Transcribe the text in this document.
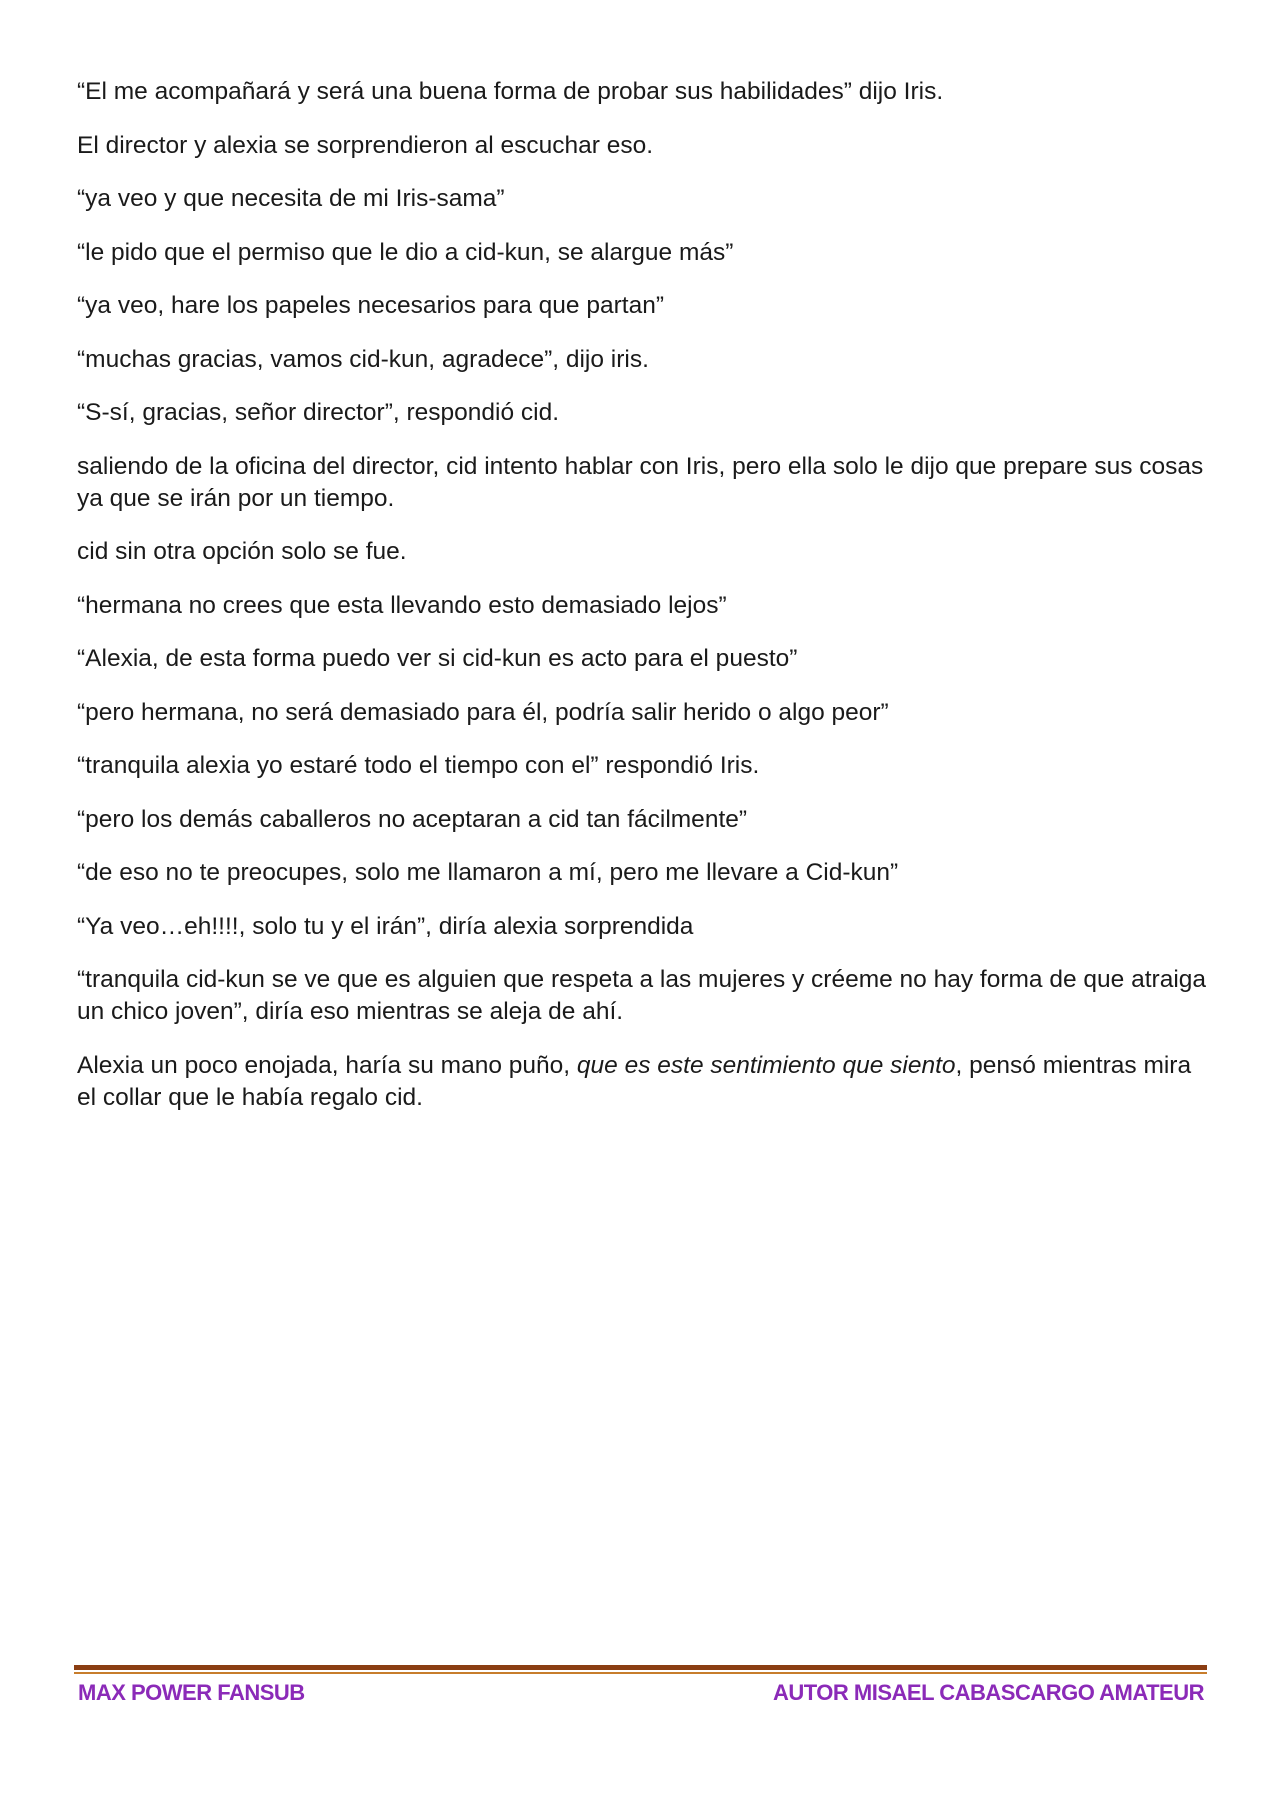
“El me acompañará y será una buena forma de probar sus habilidades” dijo Iris.

El director y alexia se sorprendieron al escuchar eso.

“ya veo y que necesita de mi Iris-sama”

“le pido que el permiso que le dio a cid-kun, se alargue más”

“ya veo, hare los papeles necesarios para que partan”

“muchas gracias, vamos cid-kun, agradece”, dijo iris.

“S-sí, gracias, señor director”, respondió cid.

saliendo de la oficina del director, cid intento hablar con Iris, pero ella solo le dijo que prepare sus cosas ya que se irán por un tiempo.

cid sin otra opción solo se fue.

“hermana no crees que esta llevando esto demasiado lejos”

“Alexia, de esta forma puedo ver si cid-kun es acto para el puesto”

“pero hermana, no será demasiado para él, podría salir herido o algo peor”

“tranquila alexia yo estaré todo el tiempo con el” respondió Iris.

“pero los demás caballeros no aceptaran a cid tan fácilmente”

“de eso no te preocupes, solo me llamaron a mí, pero me llevare a Cid-kun”

“Ya veo…eh!!!!, solo tu y el irán”, diría alexia sorprendida

“tranquila cid-kun se ve que es alguien que respeta a las mujeres y créeme no hay forma de que atraiga un chico joven”, diría eso mientras se aleja de ahí.

Alexia un poco enojada, haría su mano puño, que es este sentimiento que siento, pensó mientras mira el collar que le había regalo cid.

MAX POWER FANSUB	AUTOR MISAEL CABASCARGO AMATEUR
